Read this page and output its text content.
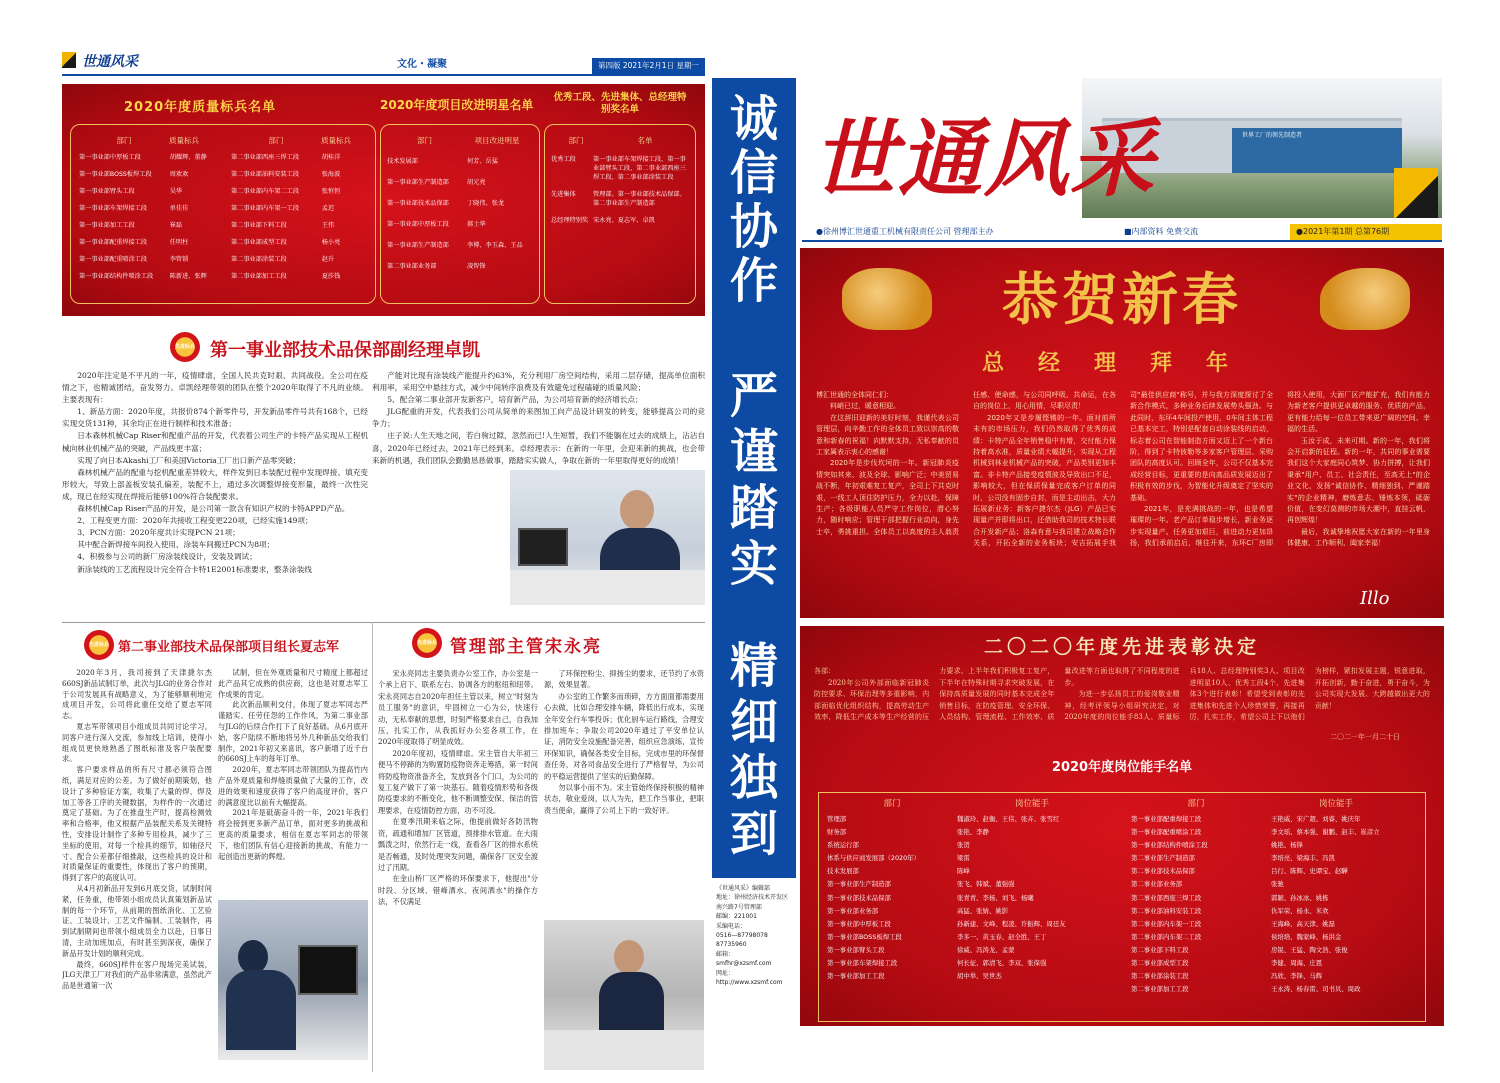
世通风采	文化・凝聚	第四版 2021年2月1日 星期一
2020年度质量标兵名单	2020年度项目改进明星名单
优秀工段、先进集体、总经理特别奖名单
部门	质量标兵
第一事业部中厚板工段	胡耀辉、董静
第一事业部BOSS板焊工段	周欢欢
第一事业部臂头工段	吴华
第一事业部车架焊接工段	单佳佳
第一事业部加工工段	崔磊
第一事业部配重焊接工段	任明柱
第一事业部配重喷涂工段	李管锁
第一事业部结构件喷涂工段	陈新进、张辉
部门	质量标兵
第二事业部西座三焊工段	胡桂洋
第二事业部油料安装工段	张海波
第二事业部内车架二工段	张恒恒
第二事业部内车架一工段	孟迟
第二事业部下料工段	王伟
第二事业部成型工段	杨小亮
第二事业部涂装工段	赵升
第二事业部加工工段	夏莎钱
部门	项目改进明星
技术发展部	何芳、岳猛
第一事业部生产制造部	胡元亮
第一事业部技术品保部	丁晓伟、张龙
第一事业部中厚板工段	郝士华
第一事业部生产制造部	李博、李玉森、王品
第二事业部业务部	凌智锋
部门	名单
优秀工段	第一事业部车架焊接工段、第一事业部臂头工段、第二事业部西座三焊工段、第二事业部涂装工段
先进集体	管理部、第一事业部技术品保部、第二事业部生产制造部
总经理特别奖 宋永亮、夏志军、卓凯
先进标兵 第一事业部技术品保部副经理卓凯

2020年注定是不平凡的一年，疫情肆虐，全国人民共克时艰、共同战役。全公司在疫情之下，也精诚团结，奋发努力。卓凯经理带领的团队在整个2020年取得了不凡的业绩。主要表现有：

1、新品方面：2020年度，共报价874个新零件号，开发新品零件号共有168个，已经实现交货131种，其余均正在进行制样和技术准备；

日本森林机械Cap Riser和配重产品的开发，代表着公司生产的卡特产品实现从工程机械向林业机械产品的突破，产品线更丰富；

实现了向日本Akashi工厂和美国Victoria工厂出口新产品零突破；

森林机械产品的配重与挖机配重差异较大，样件发到日本装配过程中发现焊接、填充变形较大，导致上部盖板安装孔偏差，装配不上，通过多次调整焊接变形量，最终一次性完成，现已在经实现在焊接后能够100%符合装配要求。

森林机械Cap Riser产品的开发，是公司第一款含有知识产权的卡特APPD产品。

2、工程变更方面：2020年共接收工程变更220项，已经实施149项；

3、PCN方面：2020年度共计实现PCN 21项；

其中配合新焊接车间投入使用、涂装车间搬迁PCN为8项；

4、积极参与公司的新厂房涂装线设计，安装及调试；

新涂装线的工艺流程设计完全符合卡特1E2001标准要求，整条涂装线

产能对比现有涂装线产能提升约63%，充分利用厂房空间结构，采用二层存储，提高单位面积利用率，采用空中悬挂方式，减少中间转序浪费及有效避免过程磕碰的质量风险；

5、配合第二事业部开发新客户，培育新产品，为公司培育新的经济增长点；

JLG配重的开发，代表我们公司从简单的来图加工向产品设计研发的转变，能够提高公司的竞争力；

庄子说:人生天地之间，若白驹过隙，忽然而已!人生短暂，我们不能躺在过去的成绩上，沾沾自喜，2020年已经过去，2021年已经到来。卓经理表示：在新的一年里，会迎来新的挑战，也会带来新的机遇，我们团队会勤勤恳恳做事，踏踏实实做人，争取在新的一年里取得更好的成绩！

先进标兵 第二事业部技术品保部项目组长夏志军

2020年3月，我司接到了天津捷尔杰660SJ新品试制订单，此次与JLG的业务合作对于公司发展具有战略意义，为了能够顺利地完成项目开发，公司将此重任交给了夏志军同志。

夏志军带领项目小组成员共同讨论学习，同客户进行深入交流，参加线上培训，使得小组成员更快地熟悉了图纸标准及客户装配要求。

客户要求样品的所有尺寸都必须符合图纸，满足对应的公差。为了做好前期策划，他设计了多种验证方案，收集了大量的焊、焊及加工等各工序的关键数据，为样件的一次通过奠定了基础。为了在推盘生产时，提高检测效率和合格率，他又根据产品装配关系及关键特性，安排设计制作了多种专用检具，减少了三坐标的使用，对每一个检具的细节，如轴径尺寸、配合公差都仔细推敲，这些检具的设计和对质量保证的重要性，体现出了客户的预期，得到了客户的高度认可。

从4月初新品开发到6月底交货，试制时间紧，任务重，他带领小组成员认真策划新品试制的每一个环节，从前期的图纸消化、工艺验证、工装设计、工艺文件编制、工装制作，再到试制期间也带领小组成员全力以赴，日事日清，主动加班加点，有时甚至到深夜，确保了新品开发计划的顺利完成。

最终，660SJ样件在客户现场完美试装，JLG天津工厂对我们的产品非常满意，虽然此产品是世通第一次

试制，但在外观质量和尺寸精度上都超过此产品其它成熟的供应商，这也是对夏志军工作成果的肯定。

此次新品顺利交付，体现了夏志军同志严谨踏实、任劳任怨的工作作风，为第二事业部与JLG的后续合作打下了良好基础。从6月底开始，客户陆续不断地将另外几种新品交给我们制作，2021年初又来喜讯，客户新增了近千台的660SJ上车的每年订单。

2020年，夏志军同志带领团队为提高竹内产品外观质量和焊缝质量做了大量的工作，改进的效果和速度获得了客户的高度评价，客户的满意度比以前有大幅提高。

2021年是砥砺奋斗的一年，2021年我们将会接到更多新产品订单，面对更多的挑战和更高的质量要求，相信在夏志军同志的带领下，他们团队有信心迎接新的挑战，有能力一起创造出更新的辉煌。

先进标兵 管理部主管宋永亮

宋永亮同志主要负责办公室工作，办公室是一个承上启下、联系左右、协调各方的枢纽和纽带。宋永亮同志自2020年担任主管以来，树立"时刻为员工服务"的意识，牢固树立一心为公，快速行动，无私奉献的思想，时刻严格要求自己，自我加压，扎实工作，从我抓好办公室各项工作，在2020年度取得了明显成效。

2020年度初，疫情肆虐。宋主管自大年初三便马不停蹄的为购置防疫物资奔走筹措，第一时间将防疫物资准备齐全，发放到各个门口，为公司的复工复产做下了第一块基石。随着疫情形势和各级防疫要求的不断变化，他不断调整安保、保洁的管理要求，在疫情防控方面，功不可没。

在夏季汛期来临之际，他提前做好各防汛物资，疏通和增加厂区管道，预排排水管道。在大雨瓢泼之时，依然行走一线，查看各厂区的排水系统是否畅通，及时处理突发问题，确保各厂区安全渡过了汛期。

在金山桥厂区严格的环保要求下，他提出"分时段、分区域、错峰洒水、夜间洒水"的操作方法，不仅满足

了环保控粉尘、抑扬尘的要求，还节约了水资源，效果显著。

办公室的工作繁多而琐碎，方方面面都需要用心去做，比如合理安排车辆，降低出行成本，实现全年安全行车零投诉；优化厨车运行路线，合理安排加班车；争取公司2020年通过了平安单位认证，消防安全设施配备完善，组织应急演练，宣传环保知识，确保各类安全目标，完成市里的环保督查任务，对各司食品安全进行了严格督导，为公司的平稳运营提供了坚实的后勤保障。

勿以事小而不为。宋主管始终保持积极的精神状态，敬业爱岗，以人为先，把工作当事业，把职责当使命，赢得了公司上下的一致好评。

诚信协作
严谨踏实
精细独到
《世通风采》编辑部
地址：徐州经济技术开发区南兴路7号管理部
邮编：221001
采编电话：
0516—87798078
87735960
邮箱：
smfhr@xzsmf.com
网址：
http://www.xzsmf.com
世界工厂的领先制造者
世通风采
●徐州博汇世通重工机械有限责任公司 管理部主办	■内部资料 免费交流	●2021年第1期 总第76期
恭贺新春
总经理拜年

博汇世通的全体同仁们：

料峭已过，暖意相迎。

在这辞旧迎新的美好时刻，我谨代表公司管理层，向辛勤工作的全体员工致以崇高的敬意和新春的祝福！向默默支持，无私奉献的员工家属表示衷心的感谢！

2020年是步伐坎坷的一年。新冠肺炎疫情突如其来、波及全球、影响广泛；中美贸易战不断，年初艰难复工复产，全司上下共克时艰，一线工人顶住防护压力，全力以赴，保障生产；各级职能人员严守工作岗位，潜心努力，随时响应；管理干部把握行业动向，身先士卒，勇挑重担。全体员工以高度的主人翁责任感、使命感，与公司同呼吸、共命运，在各自的岗位上，用心用情，尽职尽责！

2020年又是步履铿锵的一年。面对前所未有的市场压力，我们仍然取得了优秀的成绩：卡特产品全年销售稳中有增，交付能力保持着高水准，质量业绩大幅提升，实现从工程机械到林业机械产品的突破，产品类别更加丰富。非卡特产品接受疫情波及导致出口不足，影响较大，但在保质保量完成客户订单的同时，公司没有固步自封，而是主动出击，大力拓展新业务：新客户捷尔杰（JLG）产品已实现量产并即将出口，还借助我司的技术特长联合开发新产品；洛森有意与我司建立战略合作关系，开拓全新的业务板块；安吉拓展手我司"最佳供应商"称号，并与我方深度探讨了全新合作模式，多种业务后续发展势头强劲。与此同时，东环4车间投产使用，0车间主体工程已基本完工，特别是配套自动涂装线的启动，标志着公司在智能制造方面又迈上了一个新台阶，得到了卡特彼勒等多家客户管理层、采购团队的高度认可。回顾全年，公司不仅基本完成经营目标，更重要的是向高品质发展迈出了积极有效的步伐，为智能化升级奠定了坚实的基础。

2021年，是充满挑战的一年，也是希望璀璨的一年。老产品订单稳步增长，新业务逐步实现量产。任务更加艰巨，前进动力更加昂扬，我们承前启后，继往开来，东环C厂房即将投入使用，大面厂区产能扩充，我们有能力为新老客户提供更卓越的服务、优质的产品，更有能力给每一位员工带来更广阔的空间、幸福的生活。

玉汝于成，未来可期。新的一年，我们将会开启新的征程。新的一年，共同的事业需要我们这个大家庭同心筑梦、协力拼搏，让我们秉承"用户、员工、社会责任，至高无上"的企业文化，发扬"诚信协作、精细独到、严谨踏实"的企业精神，磨炼意志、锤炼本领，砥砺价值，在变幻莫测的市场大潮中，直挂云帆，再创辉煌！

最后，我诚挚地祝愿大家在新的一年里身体健康、工作顺利、阖家幸福！

Illo
二〇二〇年度先进表彰决定

各部：

2020年公司外部面临新冠肺炎防控要求、环保治理等多重影响，内部面临优化组织结构，提高劳动生产效率，降低生产成本等生产经营的压力要求。上半年我们积极复工复产，下半年在特殊时期寻求突破发展，在保持高质量发展的同时基本完成全年销售目标，在防疫管理、安全环保、人员结构、管理流程、工作效率、质量改进等方面也取得了不同程度的进步。

为进一步弘扬员工的爱岗敬业精神，经考评领导小组研究决定，对2020年度的岗位能手83人、质量标兵18人、总经理特别奖3人、项目改进明星10人、优秀工段4个、先进集体3个进行表彰！希望受到表彰的先进集体和先进个人珍惜荣誉，再接再厉，扎实工作，希望公司上下以他们为榜样，紧扣发展主题，锐意进取，开拓创新，勤于奋进，勇于奋斗，为公司实现大发展、大跨越做出更大的贡献！

二〇二一年一月二十日
2020年度岗位能手名单
部门	岗位能手
管理部	魏淑玲、赵衡、王伟、张卉、张雪红
财务部	张艳、李静
系统运行部	张贺
体系与供应商发展部（2020年）	梁雷
技术发展部	陈峰
第一事业部生产制造部	张飞、韩斌、董强强
第一事业部技术品保部	张青青、李杨、刘飞、杨曦
第一事业部业务部	高猛、张婧、姚影
第一事业部中厚板工段	孙新建、文峰、程凌、许振辉、周廷友
第一事业部BOSS板焊工段	李多一、黄玉春、赵全胜、王丁
第一事业部臂头工段	徐威、冯涛龙、孟蒙
第一事业部车架焊接工段	何长征、郭清飞、李双、张保强
第一事业部加工工段	胡中举、吴世杰
部门	岗位能手
第一事业部配重焊接工段	王艳威、宋广超、刘睿、姚庆年
第一事业部配重喷涂工段	李文瑶、蔡本强、谢鹏、赵丰、崔彦立
第一事业部结构件喷涂工段	姚艳、杨锋
第二事业部生产制造部	李培亮、梁海丰、冯凯
第二事业部技术品保部	吕行、陈辉、史谭宝、赵驊
第二事业部业务部	张驰
第二事业部西座三焊工段	郭颖、孙冰冰、姚栋
第二事业部油料安装工段	仇军荣、杨永、米欢
第二事业部内车架一工段	王海峰、高天津、姚磊
第二事业部内车架二工段	侯培培、魏家峰、杨洪金
第二事业部下料工段	房锐、王猛、陶文浩、张俊
第二事业部成型工段	李健、周海、庄恩
第二事业部涂装工段	冯欣、李锋、马辉
第二事业部加工工段	王永涛、杨春雷、司书贝、周政
